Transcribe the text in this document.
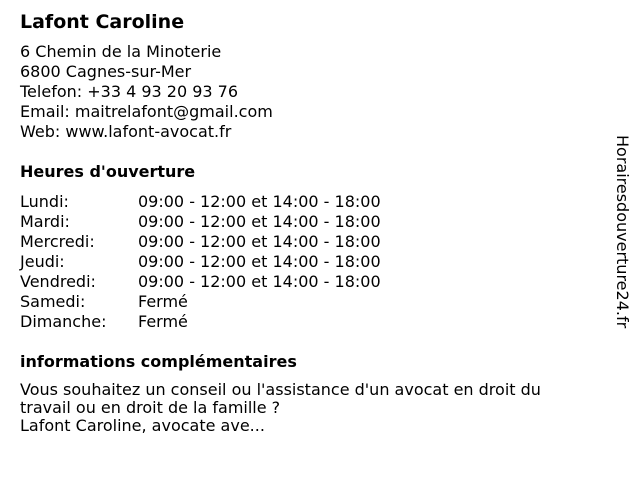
Lafont Caroline
6 Chemin de la Minoterie
6800 Cagnes-sur-Mer
Telefon: +33 4 93 20 93 76
Email: maitrelafont@gmail.com
Web: www.lafont-avocat.fr
Heures d'ouverture
Lundi:	09:00 - 12:00 et 14:00 - 18:00
Mardi:	09:00 - 12:00 et 14:00 - 18:00
Mercredi:	09:00 - 12:00 et 14:00 - 18:00
Jeudi:	09:00 - 12:00 et 14:00 - 18:00
Vendredi:	09:00 - 12:00 et 14:00 - 18:00
Samedi:	Fermé
Dimanche:	Fermé
informations complémentaires
Vous souhaitez un conseil ou l'assistance d'un avocat en droit du travail ou en droit de la famille ?
Lafont Caroline, avocate ave...
Horairesdouverture24.fr
